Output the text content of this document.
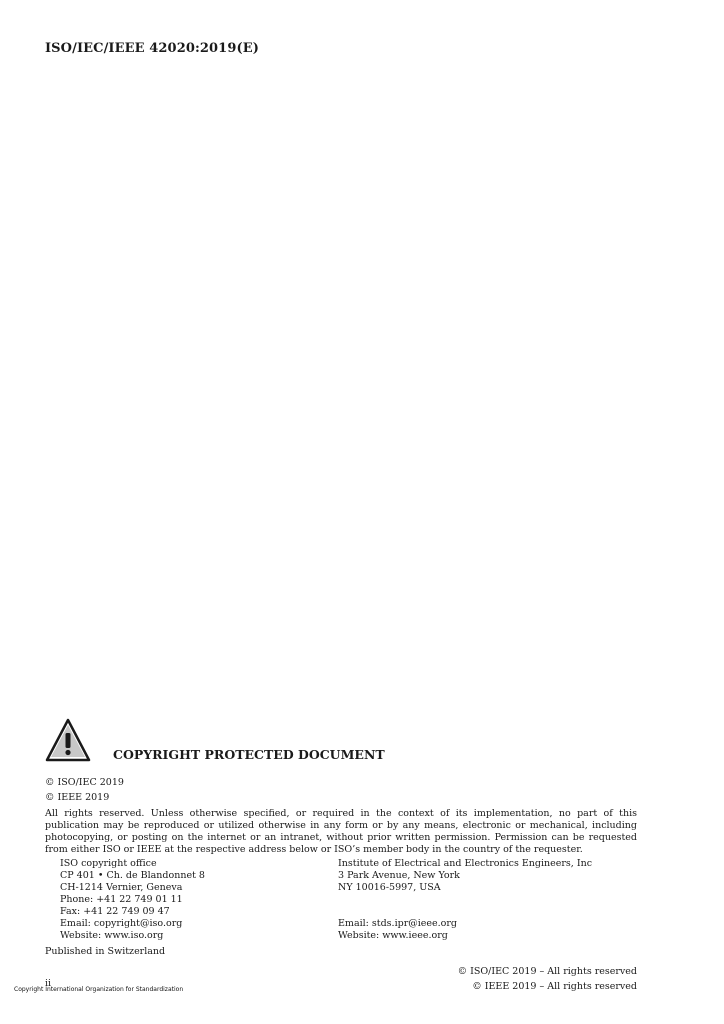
ISO/IEC/IEEE 42020:2019(E)
COPYRIGHT PROTECTED DOCUMENT
© ISO/IEC 2019
© IEEE 2019
All rights reserved. Unless otherwise specified, or required in the context of its implementation, no part of this publication may be reproduced or utilized otherwise in any form or by any means, electronic or mechanical, including photocopying, or posting on the internet or an intranet, without prior written permission. Permission can be requested from either ISO or IEEE at the respective address below or ISO’s member body in the country of the requester.
ISO copyright office
CP 401 • Ch. de Blandonnet 8
CH-1214 Vernier, Geneva
Phone: +41 22 749 01 11
Fax: +41 22 749 09 47
Email: copyright@iso.org
Website: www.iso.org
Institute of Electrical and Electronics Engineers, Inc
3 Park Avenue, New York
NY 10016-5997, USA
Email: stds.ipr@ieee.org
Website: www.ieee.org
Published in Switzerland
ii
© ISO/IEC 2019 – All rights reserved
© IEEE 2019 – All rights reserved
Copyright International Organization for Standardization
